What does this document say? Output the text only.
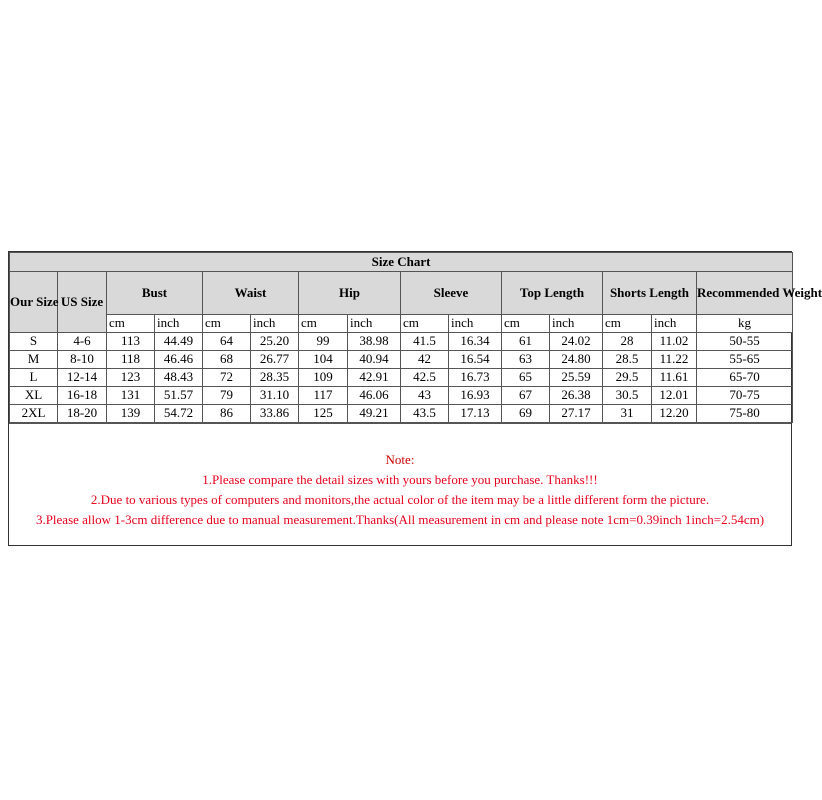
Size Chart														
Our Size	US Size	Bust		Waist		Hip		Sleeve		Top Length		Shorts Length		Recommended Weight
		cm	inch	cm	inch	cm	inch	cm	inch	cm	inch	cm	inch	kg
S	4-6	113	44.49	64	25.20	99	38.98	41.5	16.34	61	24.02	28	11.02	50-55
M	8-10	118	46.46	68	26.77	104	40.94	42	16.54	63	24.80	28.5	11.22	55-65
L	12-14	123	48.43	72	28.35	109	42.91	42.5	16.73	65	25.59	29.5	11.61	65-70
XL	16-18	131	51.57	79	31.10	117	46.06	43	16.93	67	26.38	30.5	12.01	70-75
2XL	18-20	139	54.72	86	33.86	125	49.21	43.5	17.13	69	27.17	31	12.20	75-80
Note:
1.Please compare the detail sizes with yours before you purchase. Thanks!!!
2.Due to various types of computers and monitors,the actual color of the item may be a little different form the picture.
3.Please allow 1-3cm difference due to manual measurement.Thanks(All measurement in cm and please note 1cm=0.39inch 1inch=2.54cm)
